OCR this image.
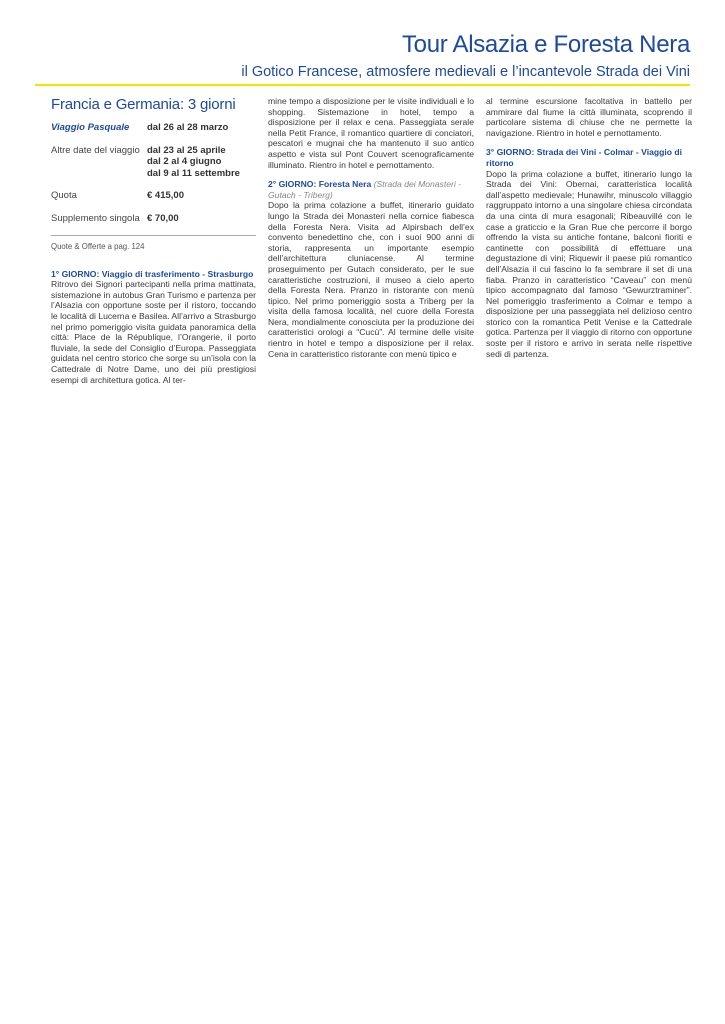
Tour Alsazia e Foresta Nera
il Gotico Francese, atmosfere medievali e l’incantevole Strada dei Vini
Francia e Germania: 3 giorni
Viaggio Pasquale	dal 26 al 28 marzo
Altre date del viaggio dal 23 al 25 aprile
dal 2 al 4 giugno
dal 9 al 11 settembre
Quota	€ 415,00
Supplemento singola € 70,00
Quote & Offerte a pag. 124
1° GIORNO: Viaggio di trasferimento - Strasburgo

Ritrovo dei Signori partecipanti nella prima mattinata, sistemazione in autobus Gran Turismo e partenza per l’Alsazia con opportune soste per il ristoro, toccando le località di Lucerna e Basilea. All’arrivo a Strasburgo nel primo pomeriggio visita guidata panoramica della città: Place de la République, l’Orangerie, il porto fluviale, la sede del Consiglio d’Europa. Passeggiata guidata nel centro storico che sorge su un’isola con la Cattedrale di Notre Dame, uno dei più prestigiosi esempi di architettura gotica. Al ter-

mine tempo a disposizione per le visite individuali e lo shopping. Sistemazione in hotel, tempo a disposizione per il relax e cena. Passeggiata serale nella Petit France, il romantico quartiere di conciatori, pescatori e mugnai che ha mantenuto il suo antico aspetto e vista sul Pont Couvert scenograficamente illuminato. Rientro in hotel e pernottamento.

2° GIORNO: Foresta Nera (Strada dei Monasteri - Gutach - Triberg)

Dopo la prima colazione a buffet, itinerario guidato lungo la Strada dei Monasteri nella cornice fiabesca della Foresta Nera. Visita ad Alpirsbach dell’ex convento benedettino che, con i suoi 900 anni di storia, rappresenta un importante esempio dell’architettura cluniacense. Al termine proseguimento per Gutach considerato, per le sue caratteristiche costruzioni, il museo a cielo aperto della Foresta Nera. Pranzo in ristorante con menù tipico. Nel primo pomeriggio sosta a Triberg per la visita della famosa località, nel cuore della Foresta Nera, mondialmente conosciuta per la produzione dei caratteristici orologi a “Cucù”. Al termine delle visite rientro in hotel e tempo a disposizione per il relax. Cena in caratteristico ristorante con menù tipico e

al termine escursione facoltativa in battello per ammirare dal fiume la città illuminata, scoprendo il particolare sistema di chiuse che ne permette la navigazione. Rientro in hotel e pernottamento.

3° GIORNO: Strada dei Vini - Colmar - Viaggio di ritorno

Dopo la prima colazione a buffet, itinerario lungo la Strada dei Vini: Obernai, caratteristica località dall’aspetto medievale; Hunawihr, minuscolo villaggio raggruppato intorno a una singolare chiesa circondata da una cinta di mura esagonali; Ribeauvillé con le case a graticcio e la Gran Rue che percorre il borgo offrendo la vista su antiche fontane, balconi fioriti e cantinette con possibilità di effettuare una degustazione di vini; Riquewir il paese più romantico dell’Alsazia il cui fascino lo fa sembrare il set di una fiaba. Pranzo in caratteristico “Caveau” con menù tipico accompagnato dal famoso “Gewurztraminer”. Nel pomeriggio trasferimento a Colmar e tempo a disposizione per una passeggiata nel delizioso centro storico con la romantica Petit Venise e la Cattedrale gotica. Partenza per il viaggio di ritorno con opportune soste per il ristoro e arrivo in serata nelle rispettive sedi di partenza.
